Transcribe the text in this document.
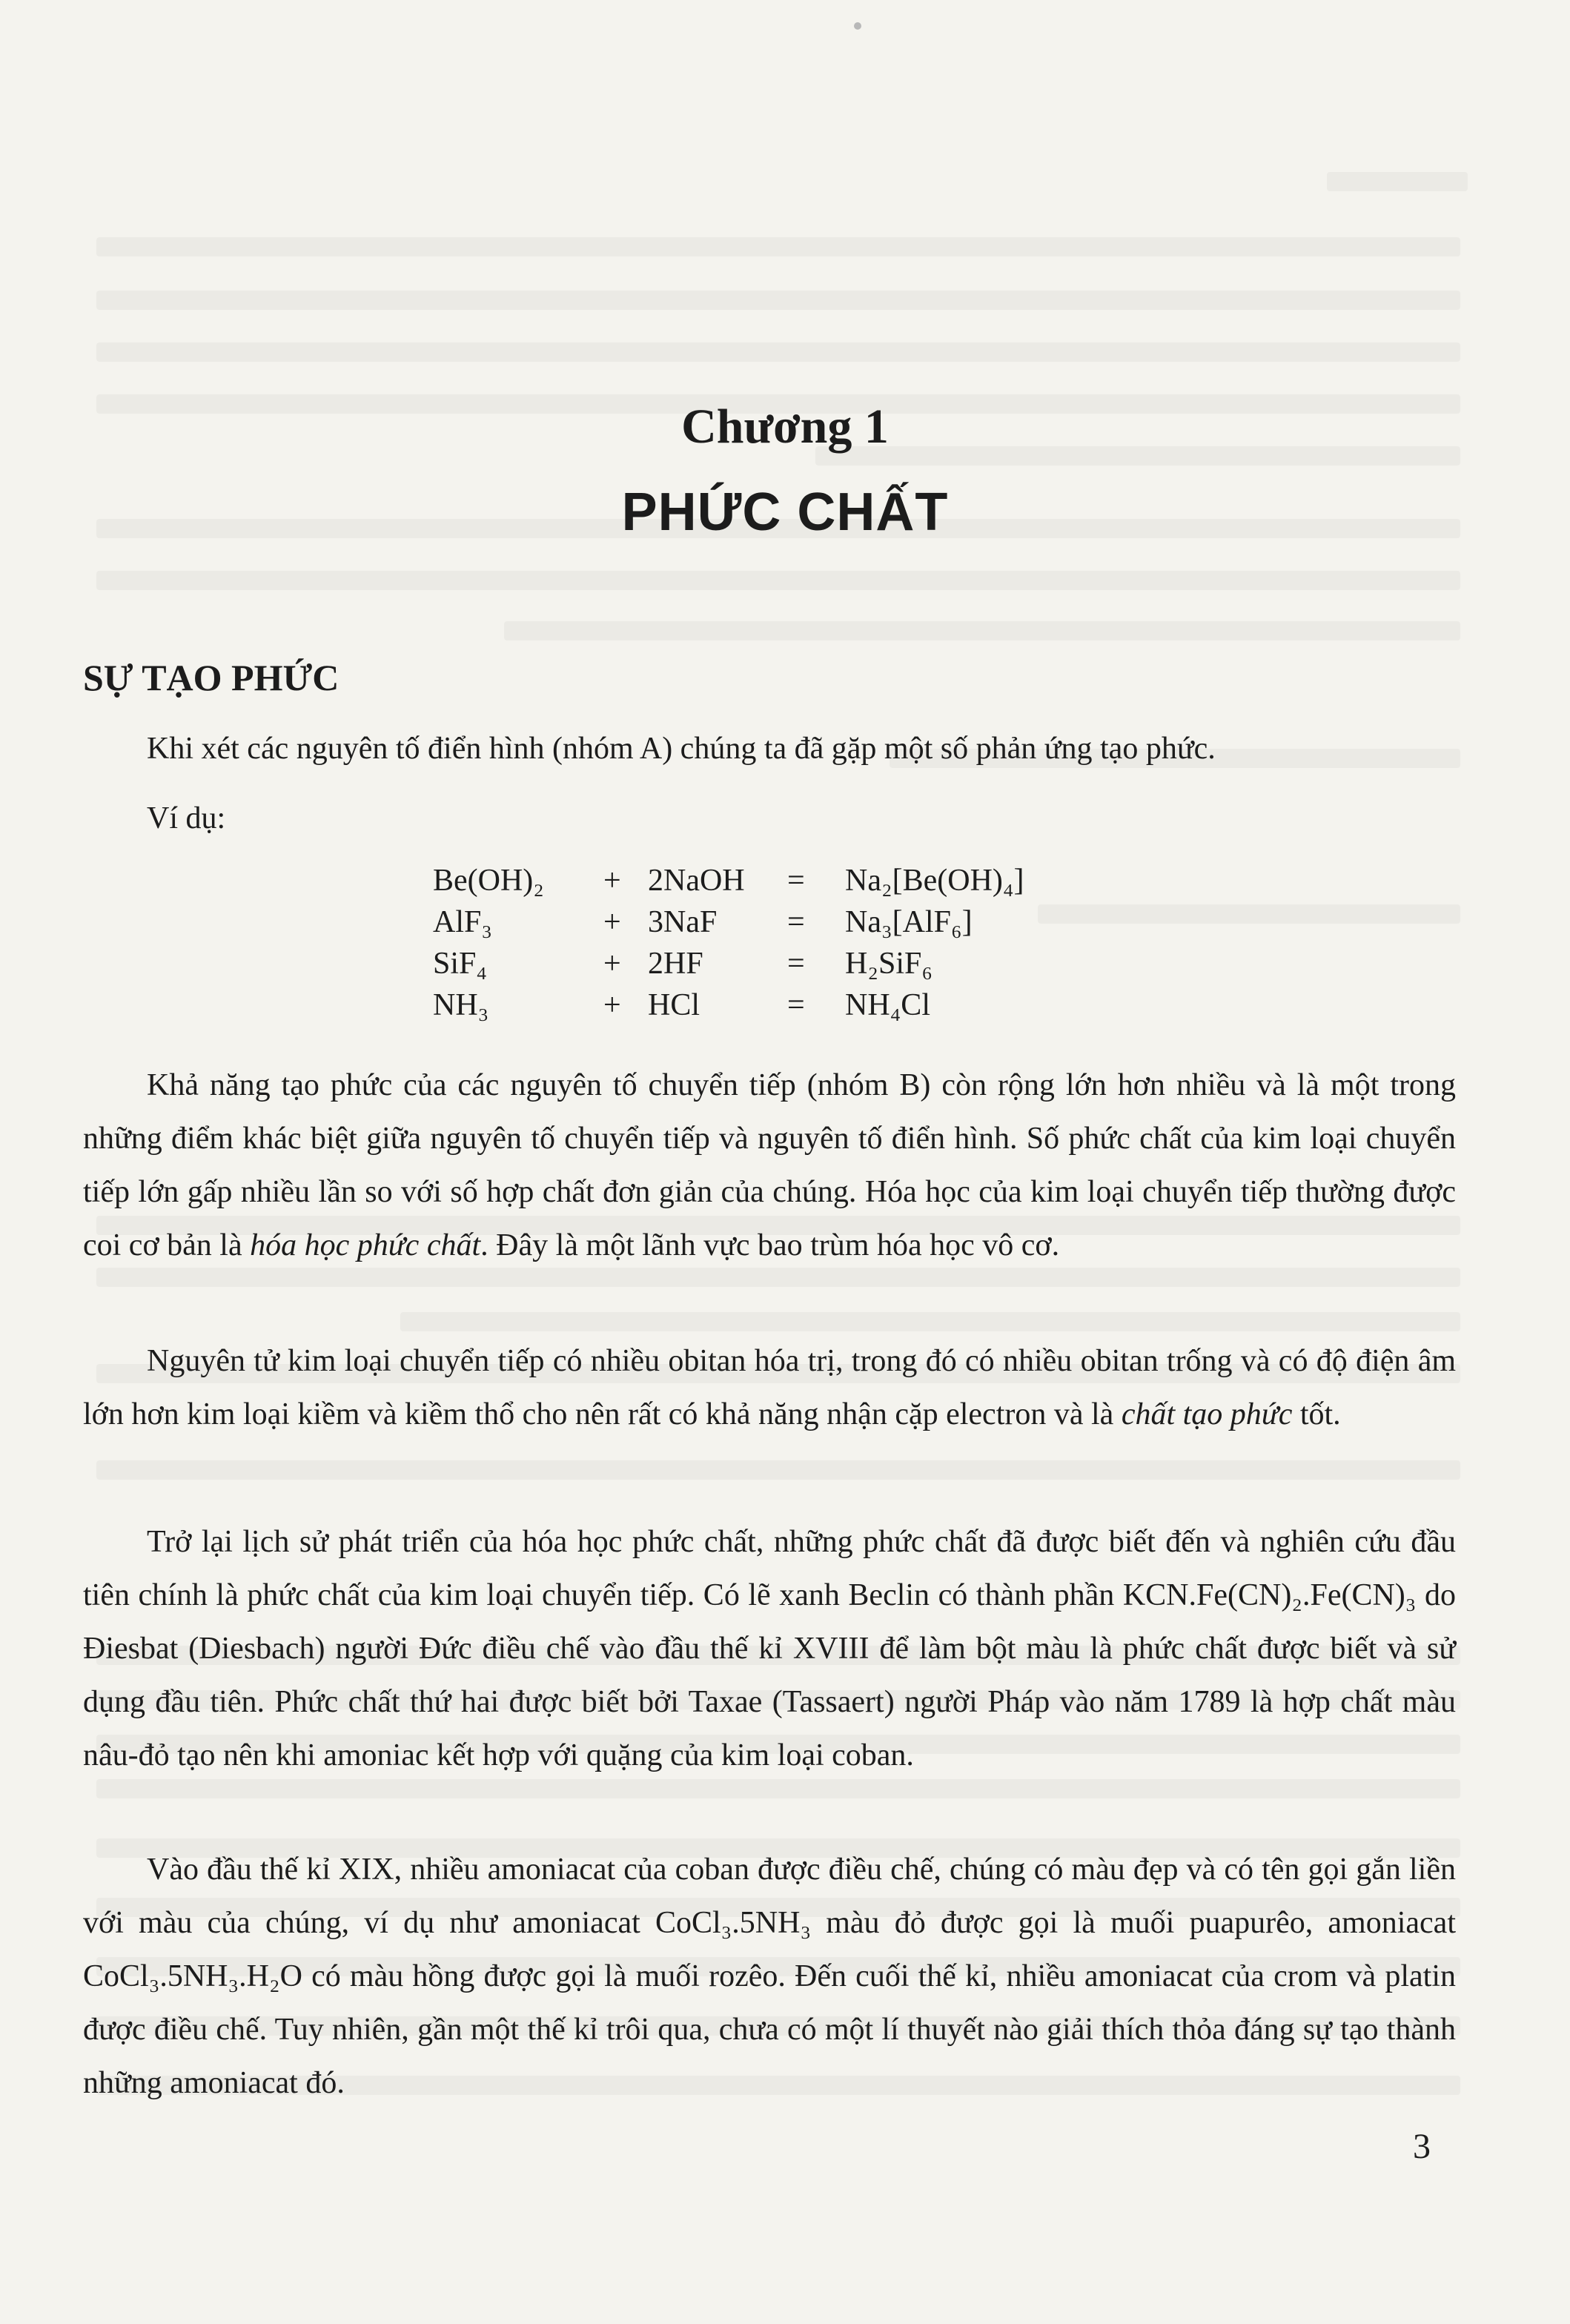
Chương 1
PHỨC CHẤT
SỰ TẠO PHỨC
Khi xét các nguyên tố điển hình (nhóm A) chúng ta đã gặp một số phản ứng tạo phức.
Ví dụ:
Be(OH)₂ + 2NaOH = Na₂[Be(OH)₄]
AlF₃	+ 3NaF = Na₃[AlF₆]
SiF₄	+ 2HF	= H₂SiF₆
NH₃	+ HCl	= NH₄Cl
Khả năng tạo phức của các nguyên tố chuyển tiếp (nhóm B) còn rộng lớn hơn nhiều và là một trong những điểm khác biệt giữa nguyên tố chuyển tiếp và nguyên tố điển hình. Số phức chất của kim loại chuyển tiếp lớn gấp nhiều lần so với số hợp chất đơn giản của chúng. Hóa học của kim loại chuyển tiếp thường được coi cơ bản là hóa học phức chất. Đây là một lãnh vực bao trùm hóa học vô cơ.
Nguyên tử kim loại chuyển tiếp có nhiều obitan hóa trị, trong đó có nhiều obitan trống và có độ điện âm lớn hơn kim loại kiềm và kiềm thổ cho nên rất có khả năng nhận cặp electron và là chất tạo phức tốt.
Trở lại lịch sử phát triển của hóa học phức chất, những phức chất đã được biết đến và nghiên cứu đầu tiên chính là phức chất của kim loại chuyển tiếp. Có lẽ xanh Beclin có thành phần KCN.Fe(CN)₂.Fe(CN)₃ do Điesbat (Diesbach) người Đức điều chế vào đầu thế kỉ XVIII để làm bột màu là phức chất được biết và sử dụng đầu tiên. Phức chất thứ hai được biết bởi Taxae (Tassaert) người Pháp vào năm 1789 là hợp chất màu nâu-đỏ tạo nên khi amoniac kết hợp với quặng của kim loại coban.
Vào đầu thế kỉ XIX, nhiều amoniacat của coban được điều chế, chúng có màu đẹp và có tên gọi gắn liền với màu của chúng, ví dụ như amoniacat CoCl₃.5NH₃ màu đỏ được gọi là muối puapurêo, amoniacat CoCl₃.5NH₃.H₂O có màu hồng được gọi là muối rozêo. Đến cuối thế kỉ, nhiều amoniacat của crom và platin được điều chế. Tuy nhiên, gần một thế kỉ trôi qua, chưa có một lí thuyết nào giải thích thỏa đáng sự tạo thành những amoniacat đó.
3
